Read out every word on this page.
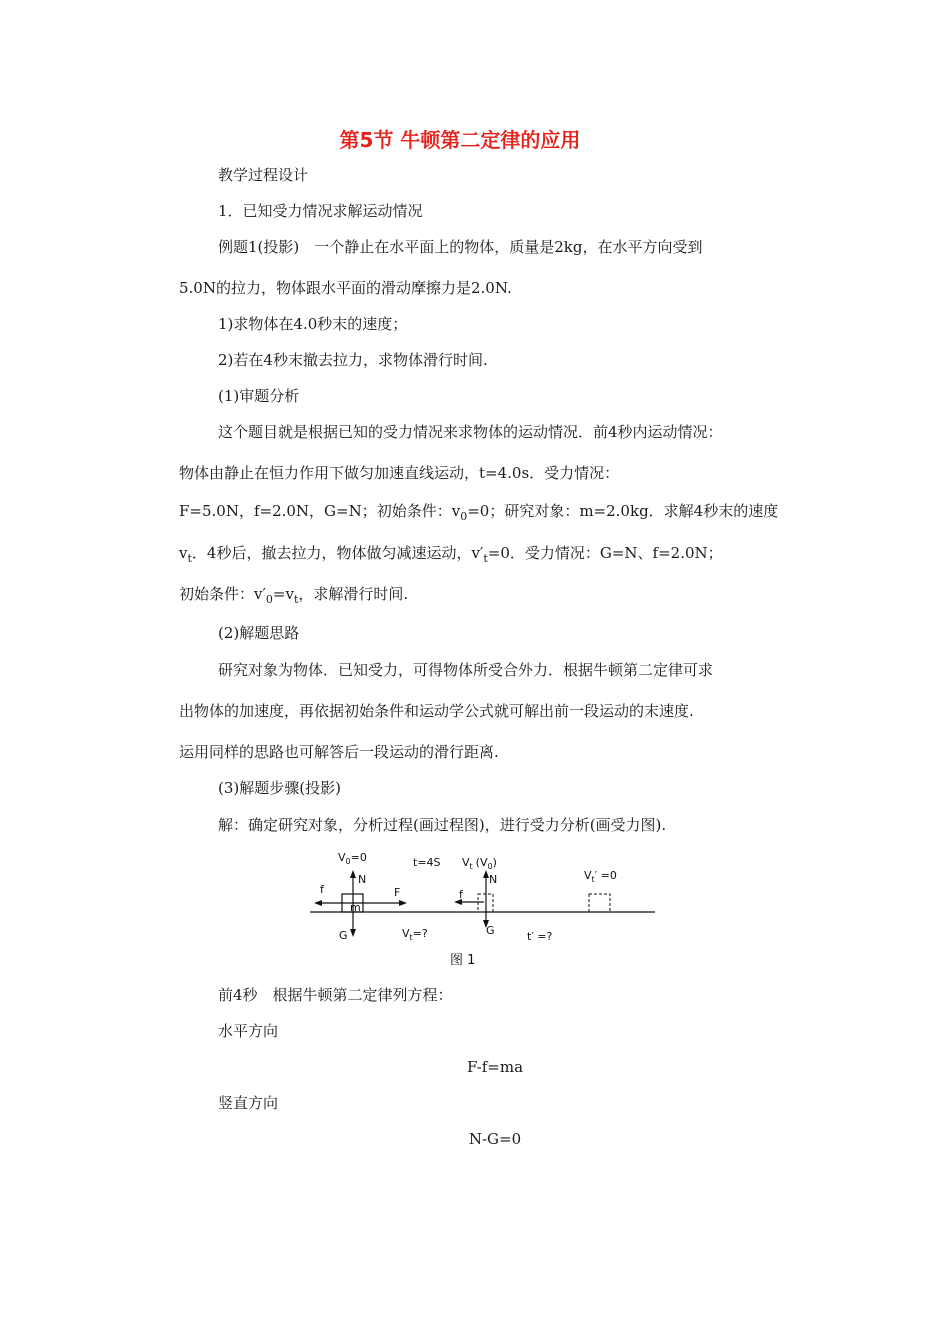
第5节 牛顿第二定律的应用
教学过程设计
1．已知受力情况求解运动情况
例题1(投影)　一个静止在水平面上的物体，质量是2kg，在水平方向受到
5.0N的拉力，物体跟水平面的滑动摩擦力是2.0N.
1)求物体在4.0秒末的速度；
2)若在4秒末撤去拉力，求物体滑行时间.
(1)审题分析
这个题目就是根据已知的受力情况来求物体的运动情况．前4秒内运动情况：
物体由静止在恒力作用下做匀加速直线运动，t=4.0s．受力情况：
F=5.0N，f=2.0N，G=N；初始条件：$v_0=0$；研究对象：m=2.0kg．求解4秒末的速度
$v_t$．4秒后，撤去拉力，物体做匀减速运动，$v'_t=0$．受力情况：G=N、f=2.0N；
初始条件：$v'_0=v_t$，求解滑行时间.
(2)解题思路
研究对象为物体．已知受力，可得物体所受合外力．根据牛顿第二定律可求
出物体的加速度，再依据初始条件和运动学公式就可解出前一段运动的末速度.
运用同样的思路也可解答后一段运动的滑行距离.
(3)解题步骤(投影)
解：确定研究对象，分析过程(画过程图)，进行受力分析(画受力图).
$V_0=0$	t=4S $V_t$ $(V_0)$
$V_t' =0$
N	N
f	f
F
m
G	G
$V_t=$?	t′ =?
图 1
前4秒　根据牛顿第二定律列方程：
水平方向
F-f=ma
竖直方向
N-G=0
